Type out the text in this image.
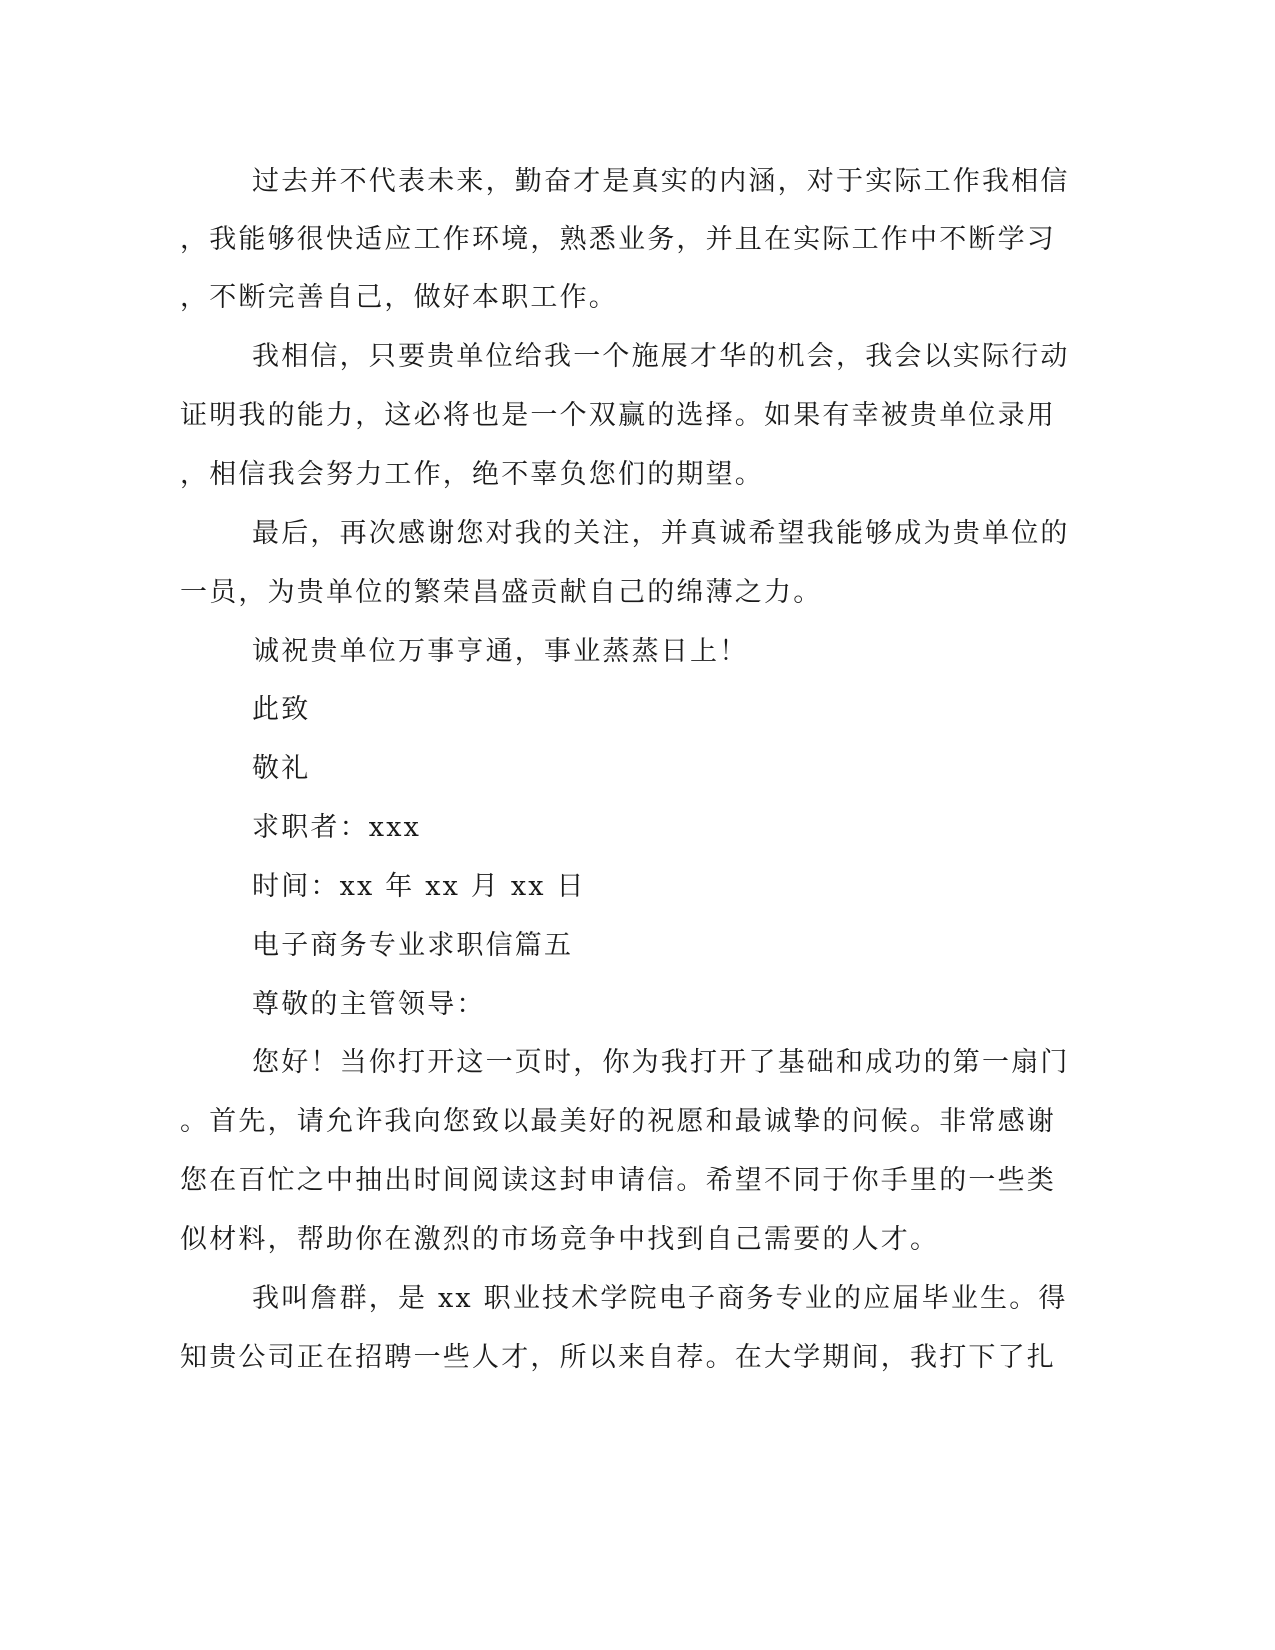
过去并不代表未来，勤奋才是真实的内涵，对于实际工作我相信
，我能够很快适应工作环境，熟悉业务，并且在实际工作中不断学习
，不断完善自己，做好本职工作。
我相信，只要贵单位给我一个施展才华的机会，我会以实际行动
证明我的能力，这必将也是一个双赢的选择。如果有幸被贵单位录用
，相信我会努力工作，绝不辜负您们的期望。
最后，再次感谢您对我的关注，并真诚希望我能够成为贵单位的
一员，为贵单位的繁荣昌盛贡献自己的绵薄之力。
诚祝贵单位万事亨通，事业蒸蒸日上！
此致
敬礼
求职者：xxx
时间：xx 年 xx 月 xx 日
电子商务专业求职信篇五
尊敬的主管领导：
您好！当你打开这一页时，你为我打开了基础和成功的第一扇门
。首先，请允许我向您致以最美好的祝愿和最诚挚的问候。非常感谢
您在百忙之中抽出时间阅读这封申请信。希望不同于你手里的一些类
似材料，帮助你在激烈的市场竞争中找到自己需要的人才。
我叫詹群，是 xx 职业技术学院电子商务专业的应届毕业生。得
知贵公司正在招聘一些人才，所以来自荐。在大学期间，我打下了扎
